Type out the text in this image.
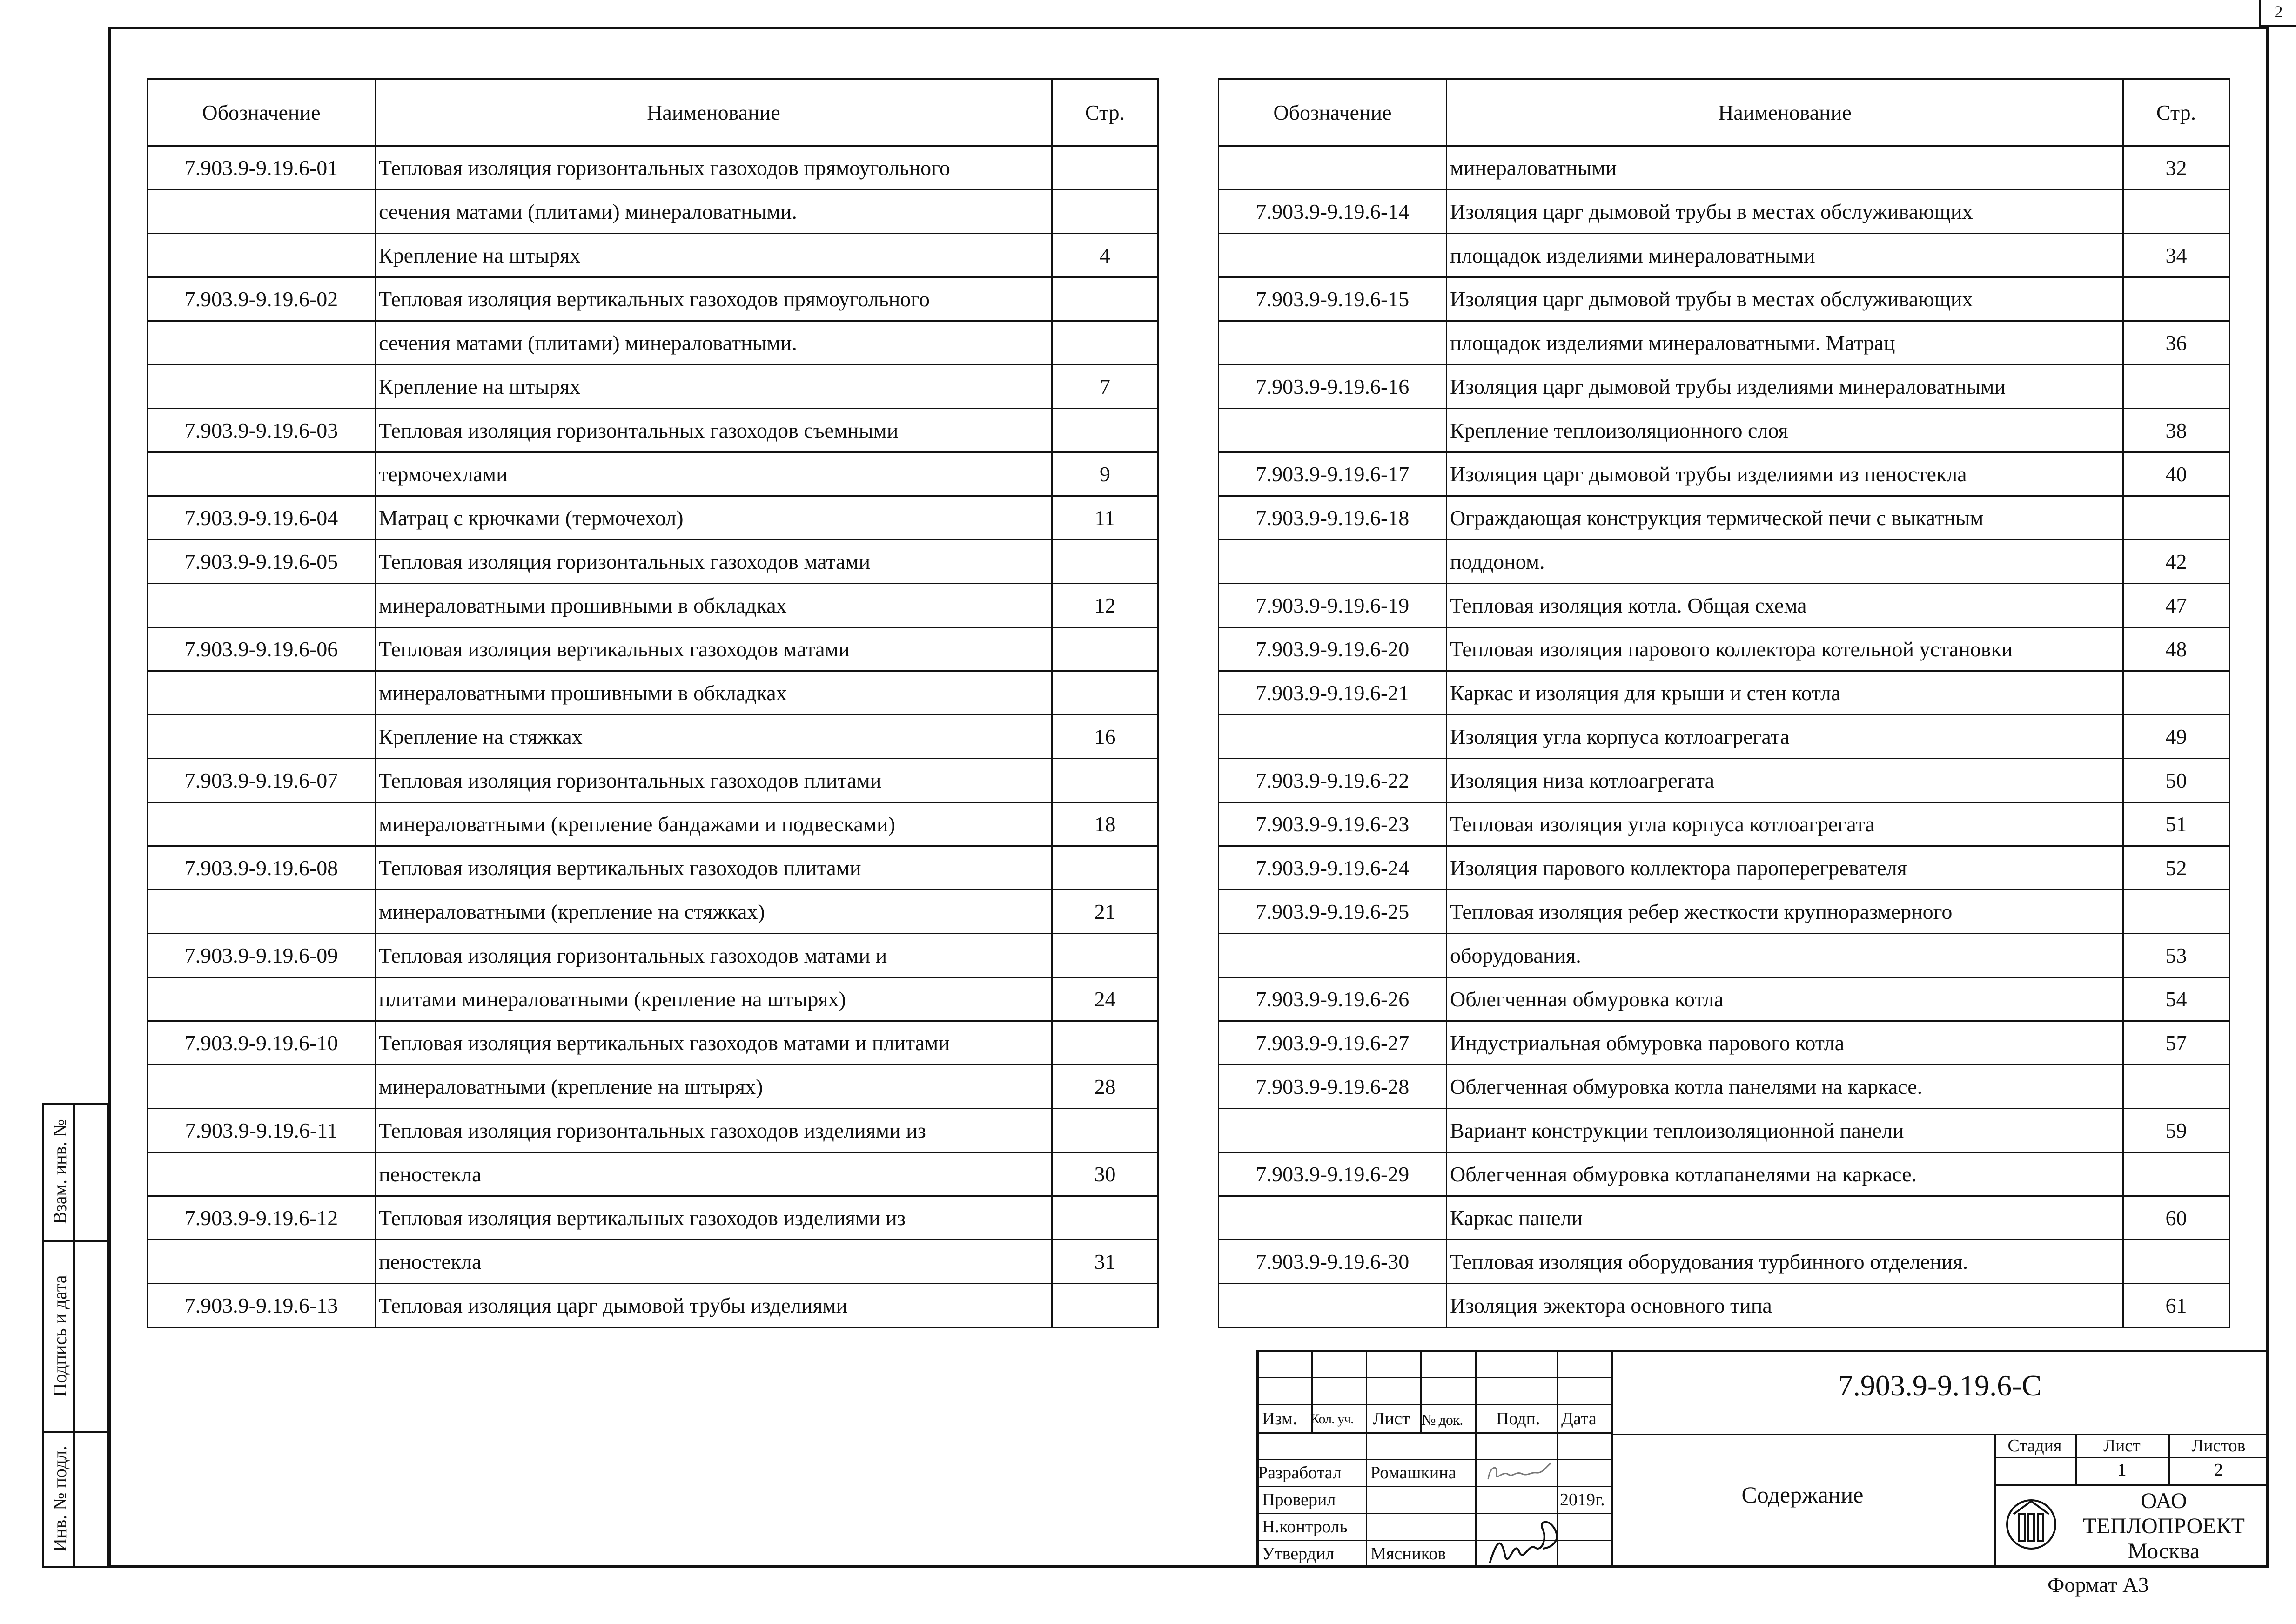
2
Обозначение	Наименование	Стр.
7.903.9-9.19.6-01	Тепловая изоляция горизонтальных газоходов прямоугольного	
	сечения матами (плитами) минераловатными.	
	Крепление на штырях	4
7.903.9-9.19.6-02	Тепловая изоляция вертикальных газоходов прямоугольного	
	сечения матами (плитами) минераловатными.	
	Крепление на штырях	7
7.903.9-9.19.6-03	Тепловая изоляция горизонтальных газоходов съемными	
	термочехлами	9
7.903.9-9.19.6-04	Матрац с крючками (термочехол)	11
7.903.9-9.19.6-05	Тепловая изоляция горизонтальных газоходов матами	
	минераловатными прошивными в обкладках	12
7.903.9-9.19.6-06	Тепловая изоляция вертикальных газоходов матами	
	минераловатными прошивными в обкладках	
	Крепление на стяжках	16
7.903.9-9.19.6-07	Тепловая изоляция горизонтальных газоходов плитами	
	минераловатными (крепление бандажами и подвесками)	18
7.903.9-9.19.6-08	Тепловая изоляция вертикальных газоходов плитами	
	минераловатными (крепление на стяжках)	21
7.903.9-9.19.6-09	Тепловая изоляция горизонтальных газоходов матами и	
	плитами минераловатными (крепление на штырях)	24
7.903.9-9.19.6-10	Тепловая изоляция вертикальных газоходов матами и плитами	
	минераловатными (крепление на штырях)	28
7.903.9-9.19.6-11	Тепловая изоляция горизонтальных газоходов изделиями из	
	пеностекла	30
7.903.9-9.19.6-12	Тепловая изоляция вертикальных газоходов изделиями из	
	пеностекла	31
7.903.9-9.19.6-13	Тепловая изоляция царг дымовой трубы изделиями	
Обозначение	Наименование	Стр.
	минераловатными	32
7.903.9-9.19.6-14	Изоляция царг дымовой трубы в местах обслуживающих	
	площадок изделиями минераловатными	34
7.903.9-9.19.6-15	Изоляция царг дымовой трубы в местах обслуживающих	
	площадок изделиями минераловатными. Матрац	36
7.903.9-9.19.6-16	Изоляция царг дымовой трубы изделиями минераловатными	
	Крепление теплоизоляционного слоя	38
7.903.9-9.19.6-17	Изоляция царг дымовой трубы изделиями из пеностекла	40
7.903.9-9.19.6-18	Ограждающая конструкция термической печи с выкатным	
	поддоном.	42
7.903.9-9.19.6-19	Тепловая изоляция котла. Общая схема	47
7.903.9-9.19.6-20	Тепловая изоляция парового коллектора котельной установки	48
7.903.9-9.19.6-21	Каркас и изоляция для крыши и стен котла	
	Изоляция угла корпуса котлоагрегата	49
7.903.9-9.19.6-22	Изоляция низа котлоагрегата	50
7.903.9-9.19.6-23	Тепловая изоляция угла корпуса котлоагрегата	51
7.903.9-9.19.6-24	Изоляция парового коллектора пароперегревателя	52
7.903.9-9.19.6-25	Тепловая изоляция ребер жесткости крупноразмерного	
	оборудования.	53
7.903.9-9.19.6-26	Облегченная обмуровка котла	54
7.903.9-9.19.6-27	Индустриальная обмуровка парового котла	57
7.903.9-9.19.6-28	Облегченная обмуровка котла панелями на каркасе.	
	Вариант конструкции теплоизоляционной панели	59
7.903.9-9.19.6-29	Облегченная обмуровка котлапанелями на каркасе.	
	Каркас панели	60
7.903.9-9.19.6-30	Тепловая изоляция оборудования турбинного отделения.	
	Изоляция эжектора основного типа	61
Взам. инв. №
Подпись и дата
Инв. № подл.
Изм. Кол. уч. Лист № док. Подп. Дата
Разработал Ромашкина
Проверил	2019г.
Н.контроль
Утвердил Мясников
7.903.9-9.19.6-С
Содержание
Стадия	Лист	Листов
1	2
ОАО
ТЕПЛОПРОЕКТ
Москва
Формат А3
